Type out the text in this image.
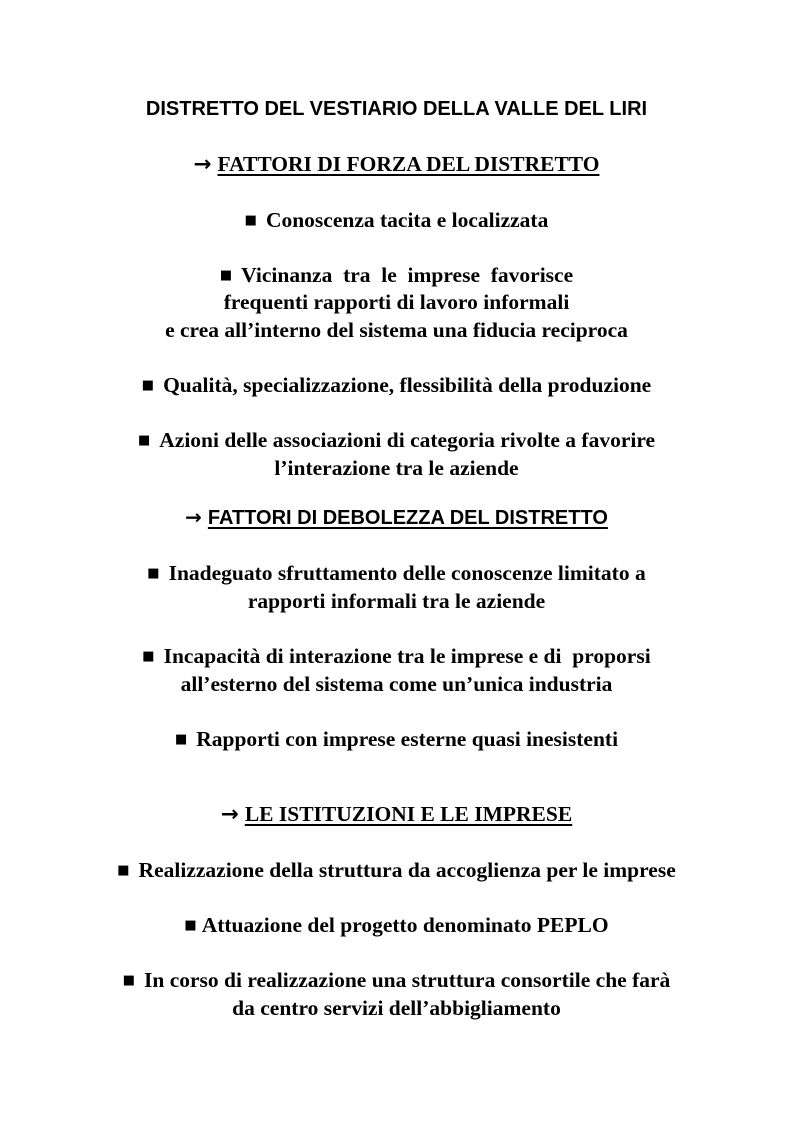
DISTRETTO DEL VESTIARIO DELLA VALLE DEL LIRI
→ FATTORI DI FORZA DEL DISTRETTO
■ Conoscenza tacita e localizzata
■ Vicinanza  tra  le  imprese  favorisce
frequenti rapporti di lavoro informali
e crea all’interno del sistema una fiducia reciproca
■ Qualità, specializzazione, flessibilità della produzione
■ Azioni delle associazioni di categoria rivolte a favorire
l’interazione tra le aziende
→ FATTORI DI DEBOLEZZA DEL DISTRETTO
■ Inadeguato sfruttamento delle conoscenze limitato a
rapporti informali tra le aziende
■ Incapacità di interazione tra le imprese e di  proporsi
all’esterno del sistema come un’unica industria
■ Rapporti con imprese esterne quasi inesistenti
→ LE ISTITUZIONI E LE IMPRESE
■ Realizzazione della struttura da accoglienza per le imprese
■ Attuazione del progetto denominato PEPLO
■ In corso di realizzazione una struttura consortile che farà
da centro servizi dell’abbigliamento
